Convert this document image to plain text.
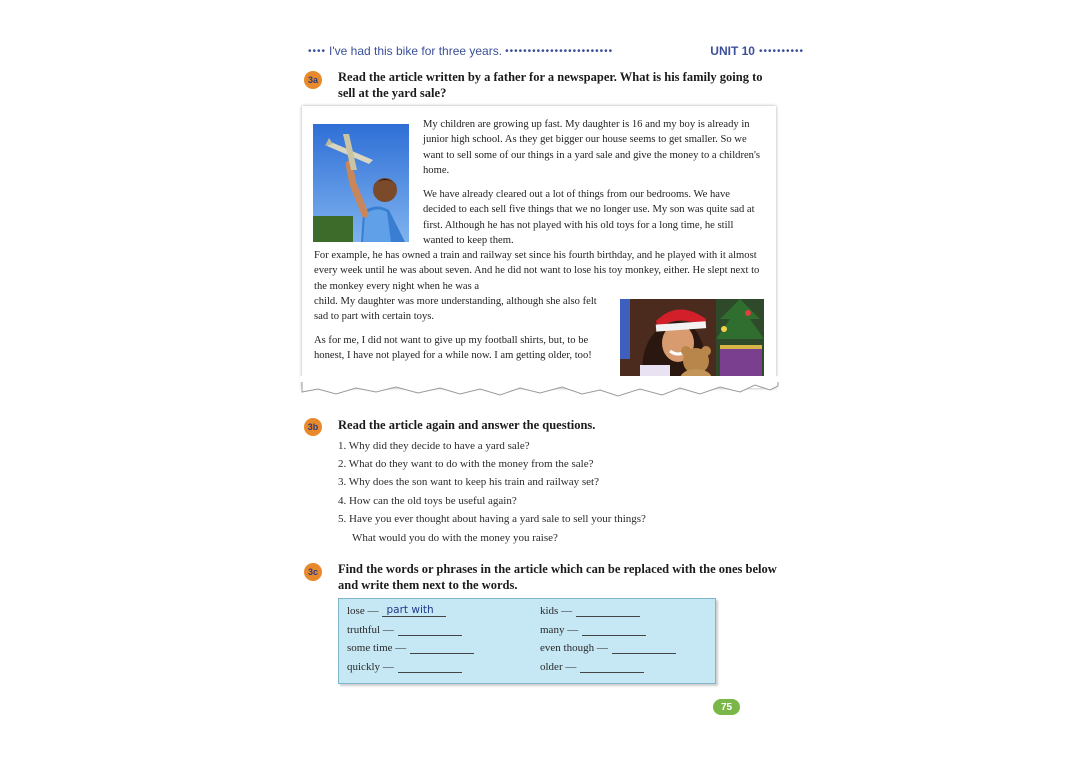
•••• I've had this bike for three years. ••••••••••••••••••••••••	UNIT 10 ••••••••••
3a	Read the article written by a father for a newspaper. What is his family going to sell at the yard sale?
My children are growing up fast. My daughter is 16 and my boy is already in junior high school. As they get bigger our house seems to get smaller. So we want to sell some of our things in a yard sale and give the money to a children's home.
We have already cleared out a lot of things from our bedrooms. We have decided to each sell five things that we no longer use. My son was quite sad at first. Although he has not played with his old toys for a long time, he still wanted to keep them.
For example, he has owned a train and railway set since his fourth birthday, and he played with it almost every week until he was about seven. And he did not want to lose his toy monkey, either. He slept next to the monkey every night when he was a
child. My daughter was more understanding, although she also felt sad to part with certain toys.
As for me, I did not want to give up my football shirts, but, to be honest, I have not played for a while now. I am getting older, too!
3b	Read the article again and answer the questions.
1. Why did they decide to have a yard sale?
2. What do they want to do with the money from the sale?
3. Why does the son want to keep his train and railway set?
4. How can the old toys be useful again?
5. Have you ever thought about having a yard sale to sell your things?
What would you do with the money you raise?
3c	Find the words or phrases in the article which can be replaced with the ones below and write them next to the words.
lose — part with	kids —
truthful —	many —
some time —	even though —
quickly —	older —
75
